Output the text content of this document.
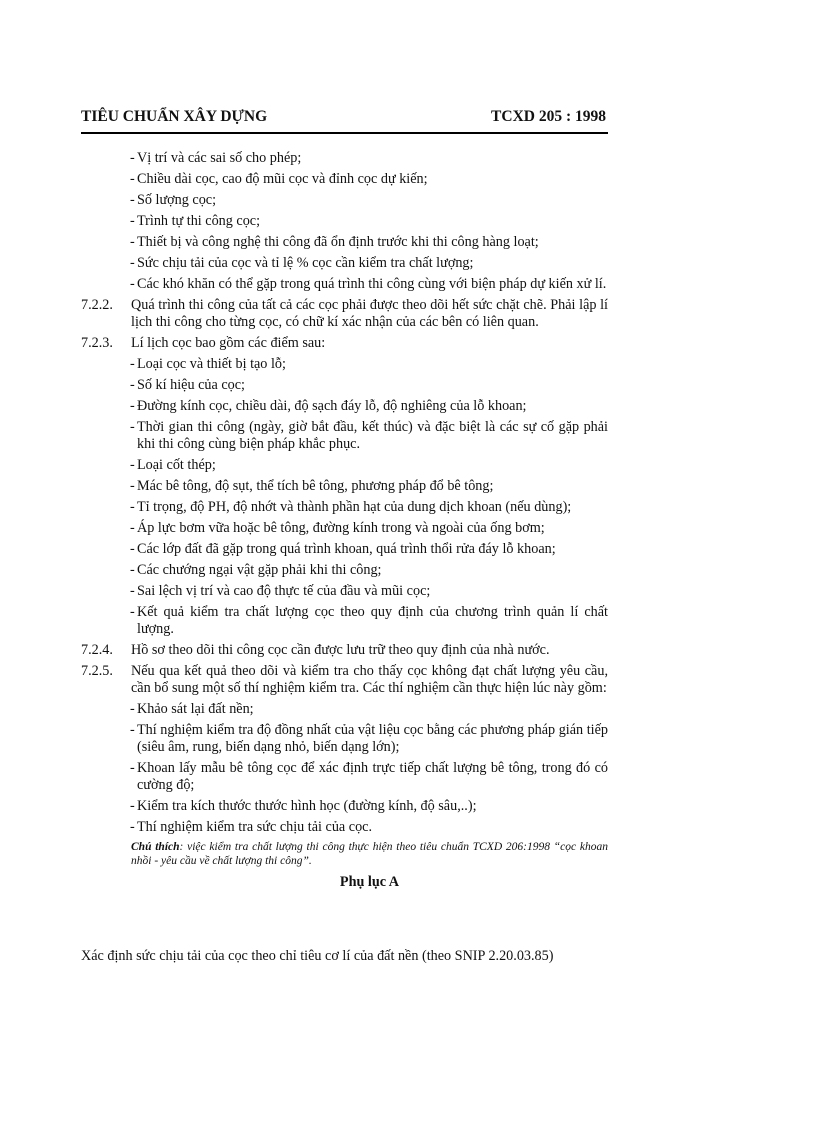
TIÊU CHUẨN XÂY DỰNG	TCXD 205 : 1998
- Vị trí và các sai số cho phép;
- Chiều dài cọc, cao độ mũi cọc và đỉnh cọc dự kiến;
- Số lượng cọc;
- Trình tự thi công cọc;
- Thiết bị và công nghệ thi công đã ổn định trước khi thi công hàng loạt;
- Sức chịu tải của cọc và tỉ lệ % cọc cần kiểm tra chất lượng;
- Các khó khăn có thể gặp trong quá trình thi công cùng với biện pháp dự kiến xử lí.
7.2.2. Quá trình thi công của tất cả các cọc phải được theo dõi hết sức chặt chẽ. Phải lập lí lịch thi công cho từng cọc, có chữ kí xác nhận của các bên có liên quan.
7.2.3. Lí lịch cọc bao gồm các điểm sau:
- Loại cọc và thiết bị tạo lỗ;
- Số kí hiệu của cọc;
- Đường kính cọc, chiều dài, độ sạch đáy lỗ, độ nghiêng của lỗ khoan;
- Thời gian thi công (ngày, giờ bắt đầu, kết thúc) và đặc biệt là các sự cố gặp phải khi thi công cùng biện pháp khắc phục.
- Loại cốt thép;
- Mác bê tông, độ sụt, thể tích bê tông, phương pháp đổ bê tông;
- Tỉ trọng, độ PH, độ nhớt và thành phần hạt của dung dịch khoan (nếu dùng);
- Áp lực bơm vữa hoặc bê tông, đường kính trong và ngoài của ống bơm;
- Các lớp đất đã gặp trong quá trình khoan, quá trình thổi rửa đáy lỗ khoan;
- Các chướng ngại vật gặp phải khi thi công;
- Sai lệch vị trí và cao độ thực tế của đầu và mũi cọc;
- Kết quả kiểm tra chất lượng cọc theo quy định của chương trình quản lí chất lượng.
7.2.4. Hồ sơ theo dõi thi công cọc cần được lưu trữ theo quy định của nhà nước.
7.2.5. Nếu qua kết quả theo dõi và kiểm tra cho thấy cọc không đạt chất lượng yêu cầu, cần bổ sung một số thí nghiệm kiểm tra. Các thí nghiệm cần thực hiện lúc này gồm:
- Khảo sát lại đất nền;
- Thí nghiệm kiểm tra độ đồng nhất của vật liệu cọc bằng các phương pháp gián tiếp (siêu âm, rung, biến dạng nhỏ, biến dạng lớn);
- Khoan lấy mẫu bê tông cọc để xác định trực tiếp chất lượng bê tông, trong đó có cường độ;
- Kiểm tra kích thước thước hình học (đường kính, độ sâu,..);
- Thí nghiệm kiểm tra sức chịu tải của cọc.
Chú thích: việc kiểm tra chất lượng thi công thực hiện theo tiêu chuẩn TCXD 206:1998 “cọc khoan nhồi - yêu cầu về chất lượng thi công”.
Phụ lục A
Xác định sức chịu tải của cọc theo chỉ tiêu cơ lí của đất nền (theo SNIP 2.20.03.85)
